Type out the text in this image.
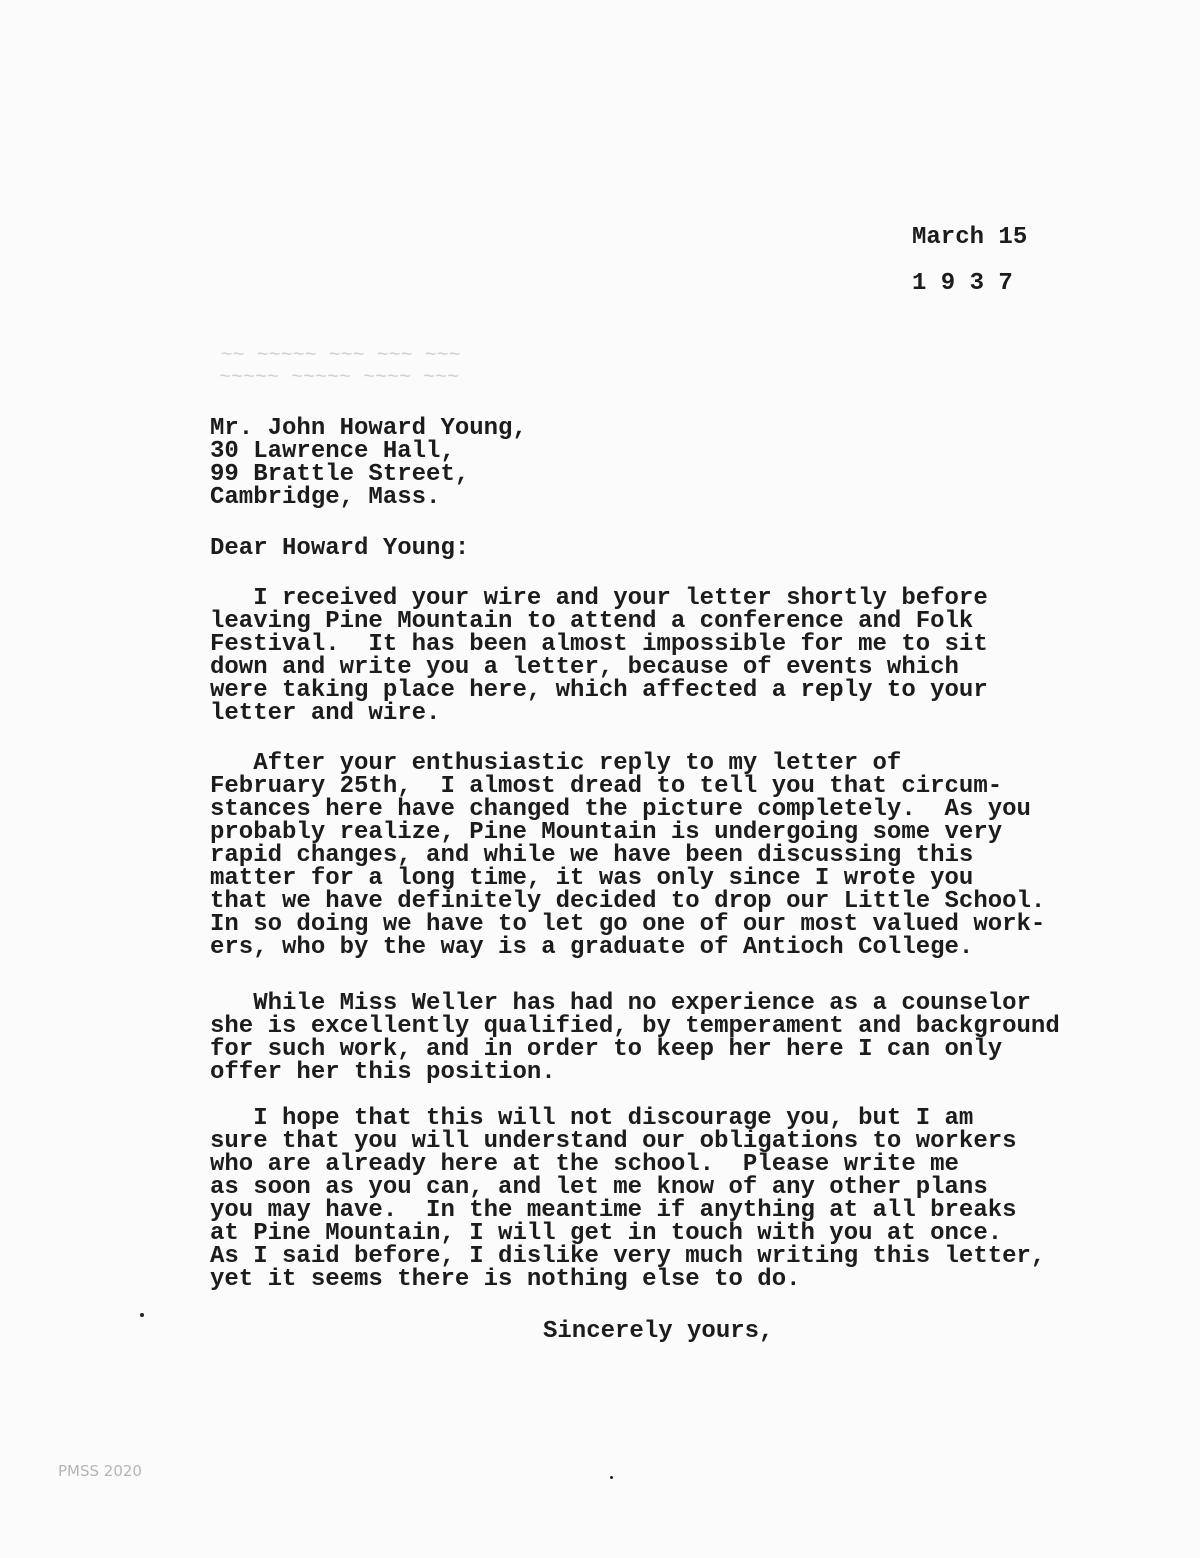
March 15
1 9 3 7
~~~ ~~~~ ~~~~~ ~~~~~
~~~ ~~~ ~~~ ~~~~~ ~~
Mr. John Howard Young,
30 Lawrence Hall,
99 Brattle Street,
Cambridge, Mass.
Dear Howard Young:
I received your wire and your letter shortly before
leaving Pine Mountain to attend a conference and Folk
Festival.  It has been almost impossible for me to sit
down and write you a letter, because of events which
were taking place here, which affected a reply to your
letter and wire.
After your enthusiastic reply to my letter of
February 25th,  I almost dread to tell you that circum-
stances here have changed the picture completely.  As you
probably realize, Pine Mountain is undergoing some very
rapid changes, and while we have been discussing this
matter for a long time, it was only since I wrote you
that we have definitely decided to drop our Little School.
In so doing we have to let go one of our most valued work-
ers, who by the way is a graduate of Antioch College.
While Miss Weller has had no experience as a counselor
she is excellently qualified, by temperament and background
for such work, and in order to keep her here I can only
offer her this position.
I hope that this will not discourage you, but I am
sure that you will understand our obligations to workers
who are already here at the school.  Please write me
as soon as you can, and let me know of any other plans
you may have.  In the meantime if anything at all breaks
at Pine Mountain, I will get in touch with you at once.
As I said before, I dislike very much writing this letter,
yet it seems there is nothing else to do.
Sincerely yours,
PMSS 2020
